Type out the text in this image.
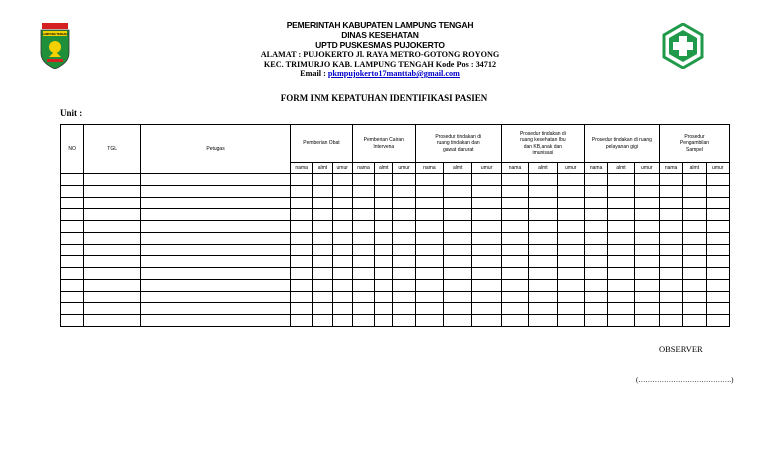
LAMPUNG TENGAH
PEMERINTAH KABUPATEN LAMPUNG TENGAH
DINAS KESEHATAN
UPTD PUSKESMAS PUJOKERTO
ALAMAT : PUJOKERTO Jl. RAYA METRO-GOTONG ROYONG
KEC. TRIMURJO KAB. LAMPUNG TENGAH Kode Pos : 34712
Email : pkmpujokerto17manttab@gmail.com
FORM INM KEPATUHAN IDENTIFIKASI PASIEN
Unit :
NO	TGL	Petugas	Pemberian Obat			Pemberian Cairan Intervena			Prosedur tindakan di ruang tindakan dan gawat darurat			Prosedur tindakan di ruang kesehatan Ibu dan KB,anak dan imunisasi			Prosedur tindakan di ruang pelayanan gigi			Prosedur Pengambilan Sampel		

			nama	almt	umur	nama	almt	umur	nama	almt	umur	nama	almt	umur	nama	almt	umur	nama	almt	umur

OBSERVER
(………………………………….)
